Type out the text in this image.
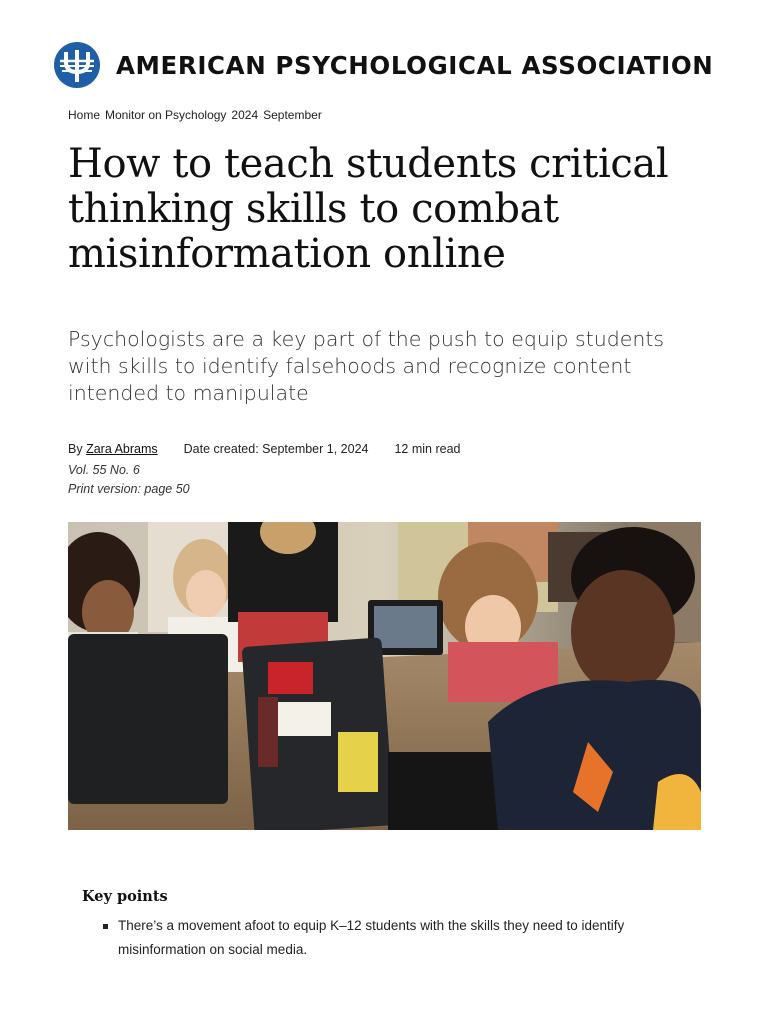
AMERICAN PSYCHOLOGICAL ASSOCIATION
Home Monitor on Psychology 2024 September
How to teach students critical thinking skills to combat misinformation online

Psychologists are a key part of the push to equip students with skills to identify falsehoods and recognize content intended to manipulate

By Zara Abrams Date created: September 1, 2024 12 min read
Vol. 55 No. 6
Print version: page 50
Key points
There’s a movement afoot to equip K–12 students with the skills they need to identify misinformation on social media.
